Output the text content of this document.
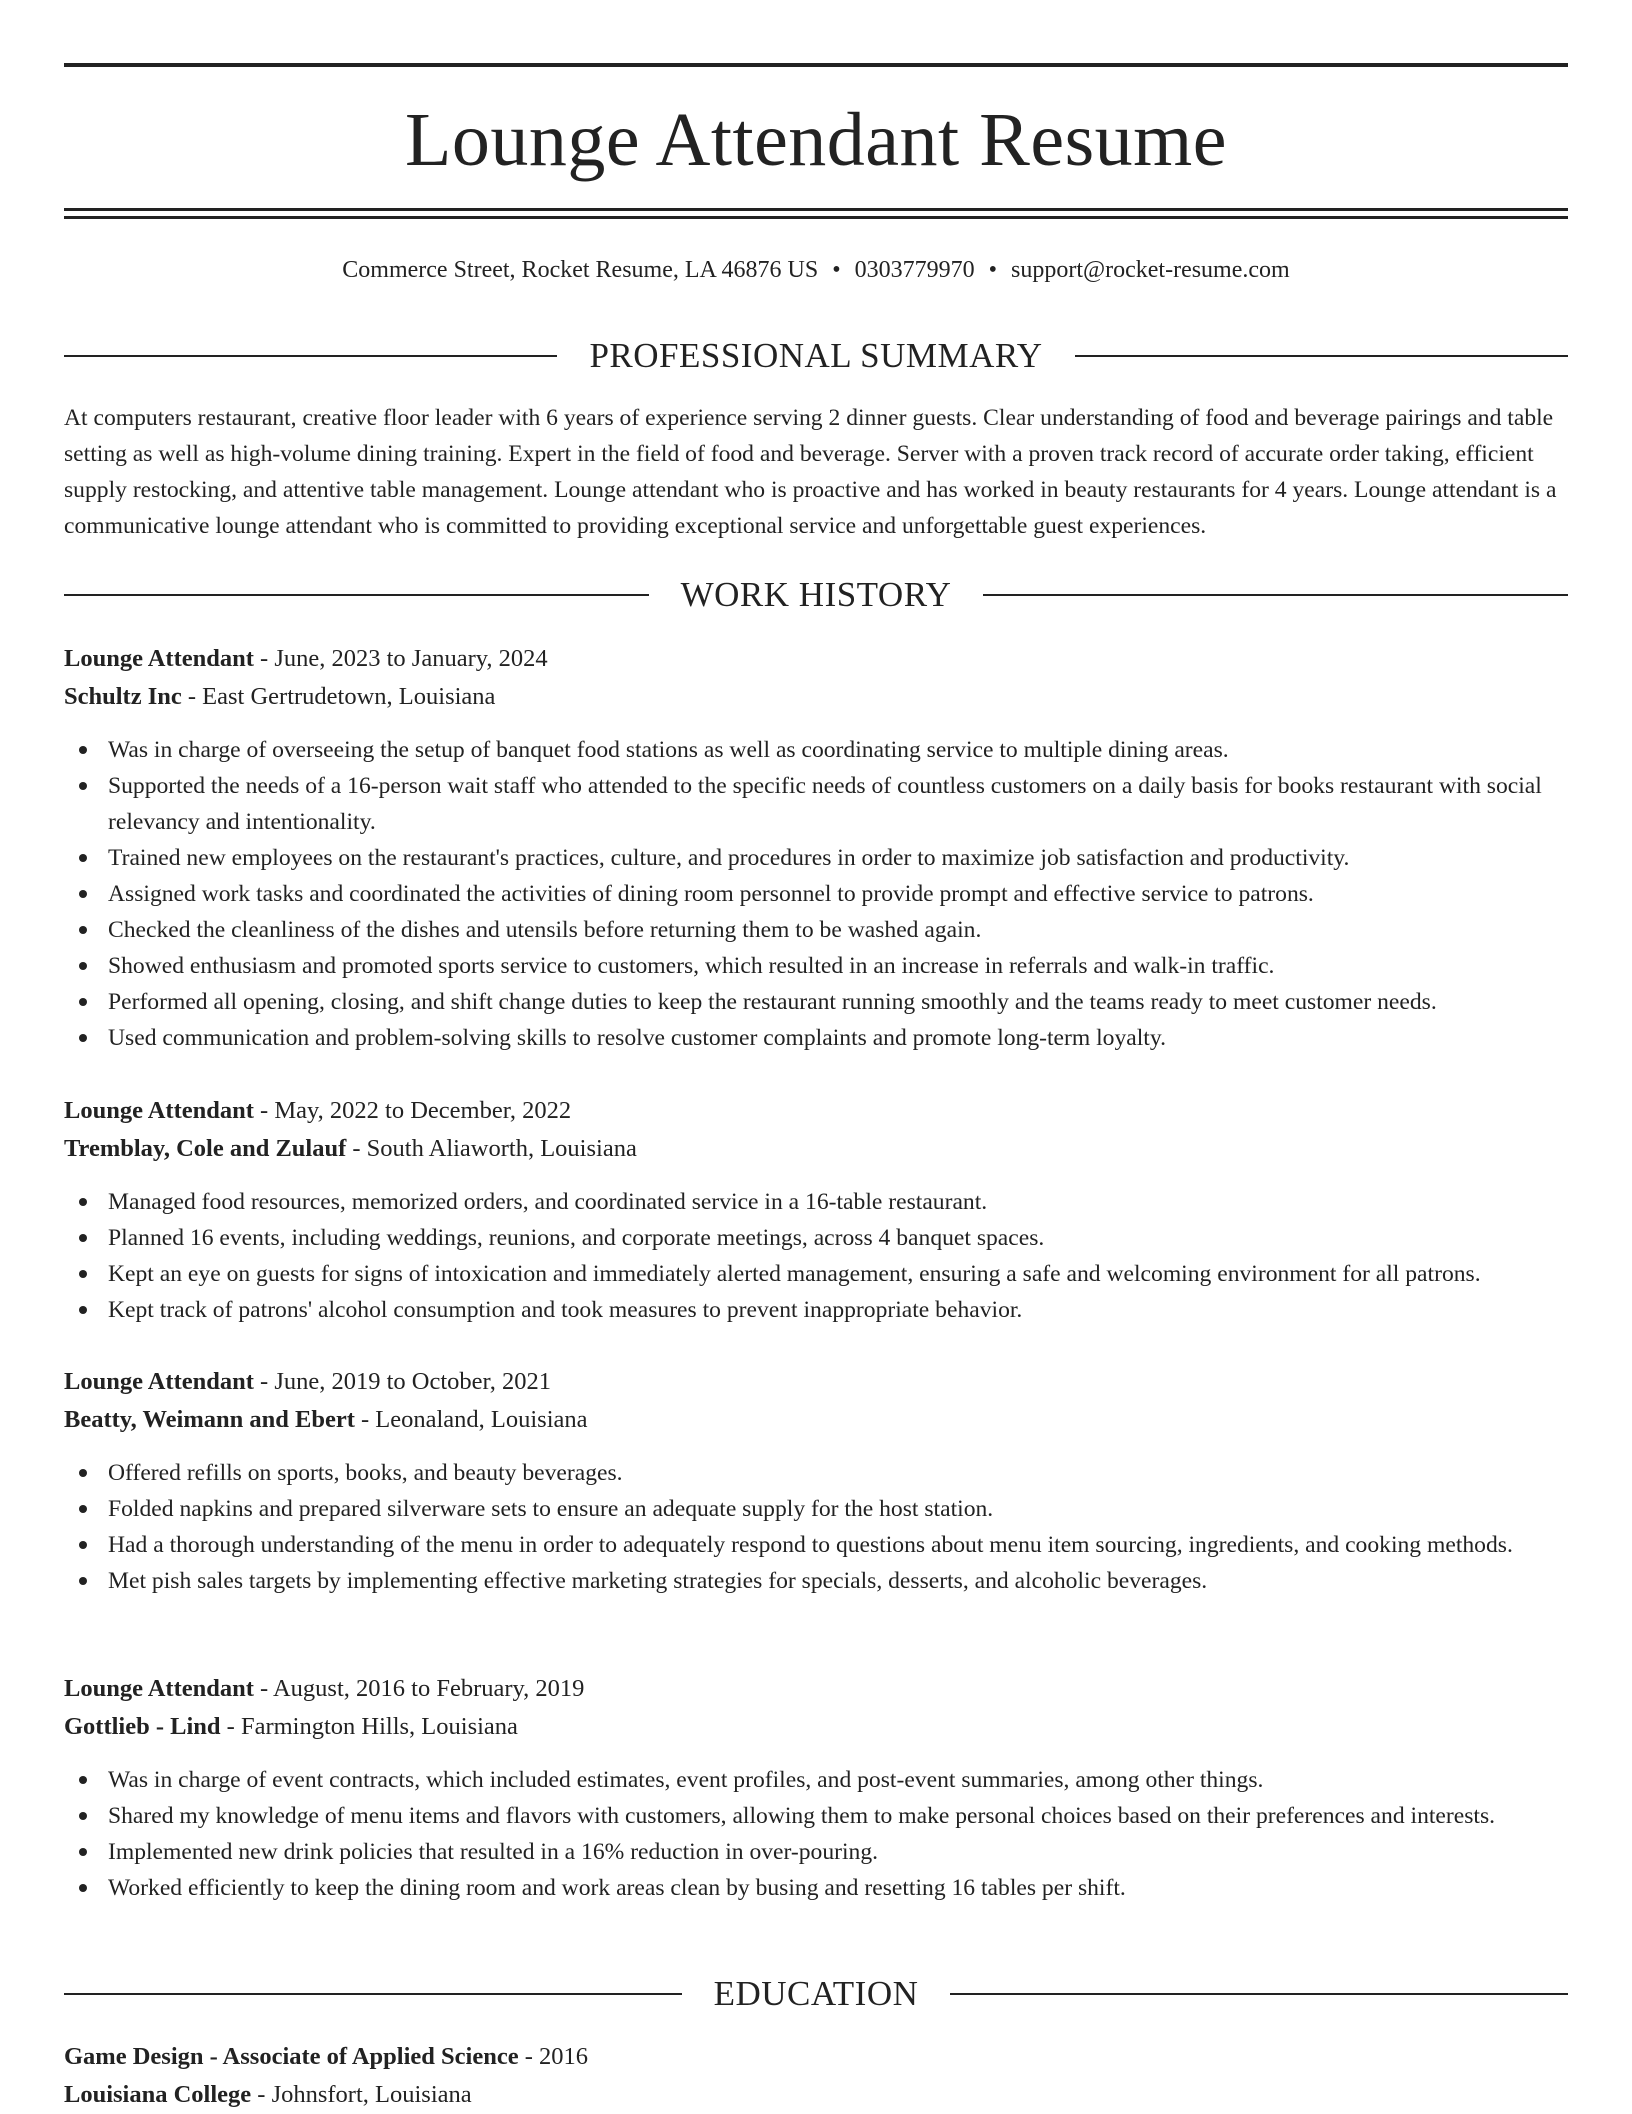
Lounge Attendant Resume
Commerce Street, Rocket Resume, LA 46876 US • 0303779970 • support@rocket-resume.com
PROFESSIONAL SUMMARY

At computers restaurant, creative floor leader with 6 years of experience serving 2 dinner guests. Clear understanding of food and beverage pairings and table setting as well as high-volume dining training. Expert in the field of food and beverage. Server with a proven track record of accurate order taking, efficient supply restocking, and attentive table management. Lounge attendant who is proactive and has worked in beauty restaurants for 4 years. Lounge attendant is a communicative lounge attendant who is committed to providing exceptional service and unforgettable guest experiences.

WORK HISTORY
Lounge Attendant - June, 2023 to January, 2024
Schultz Inc - East Gertrudetown, Louisiana
Was in charge of overseeing the setup of banquet food stations as well as coordinating service to multiple dining areas.
Supported the needs of a 16-person wait staff who attended to the specific needs of countless customers on a daily basis for books restaurant with social relevancy and intentionality.
Trained new employees on the restaurant's practices, culture, and procedures in order to maximize job satisfaction and productivity.
Assigned work tasks and coordinated the activities of dining room personnel to provide prompt and effective service to patrons.
Checked the cleanliness of the dishes and utensils before returning them to be washed again.
Showed enthusiasm and promoted sports service to customers, which resulted in an increase in referrals and walk-in traffic.
Performed all opening, closing, and shift change duties to keep the restaurant running smoothly and the teams ready to meet customer needs.
Used communication and problem-solving skills to resolve customer complaints and promote long-term loyalty.
Lounge Attendant - May, 2022 to December, 2022
Tremblay, Cole and Zulauf - South Aliaworth, Louisiana
Managed food resources, memorized orders, and coordinated service in a 16-table restaurant.
Planned 16 events, including weddings, reunions, and corporate meetings, across 4 banquet spaces.
Kept an eye on guests for signs of intoxication and immediately alerted management, ensuring a safe and welcoming environment for all patrons.
Kept track of patrons' alcohol consumption and took measures to prevent inappropriate behavior.
Lounge Attendant - June, 2019 to October, 2021
Beatty, Weimann and Ebert - Leonaland, Louisiana
Offered refills on sports, books, and beauty beverages.
Folded napkins and prepared silverware sets to ensure an adequate supply for the host station.
Had a thorough understanding of the menu in order to adequately respond to questions about menu item sourcing, ingredients, and cooking methods.
Met pish sales targets by implementing effective marketing strategies for specials, desserts, and alcoholic beverages.
Lounge Attendant - August, 2016 to February, 2019
Gottlieb - Lind - Farmington Hills, Louisiana
Was in charge of event contracts, which included estimates, event profiles, and post-event summaries, among other things.
Shared my knowledge of menu items and flavors with customers, allowing them to make personal choices based on their preferences and interests.
Implemented new drink policies that resulted in a 16% reduction in over-pouring.
Worked efficiently to keep the dining room and work areas clean by busing and resetting 16 tables per shift.
EDUCATION
Game Design - Associate of Applied Science - 2016
Louisiana College - Johnsfort, Louisiana
